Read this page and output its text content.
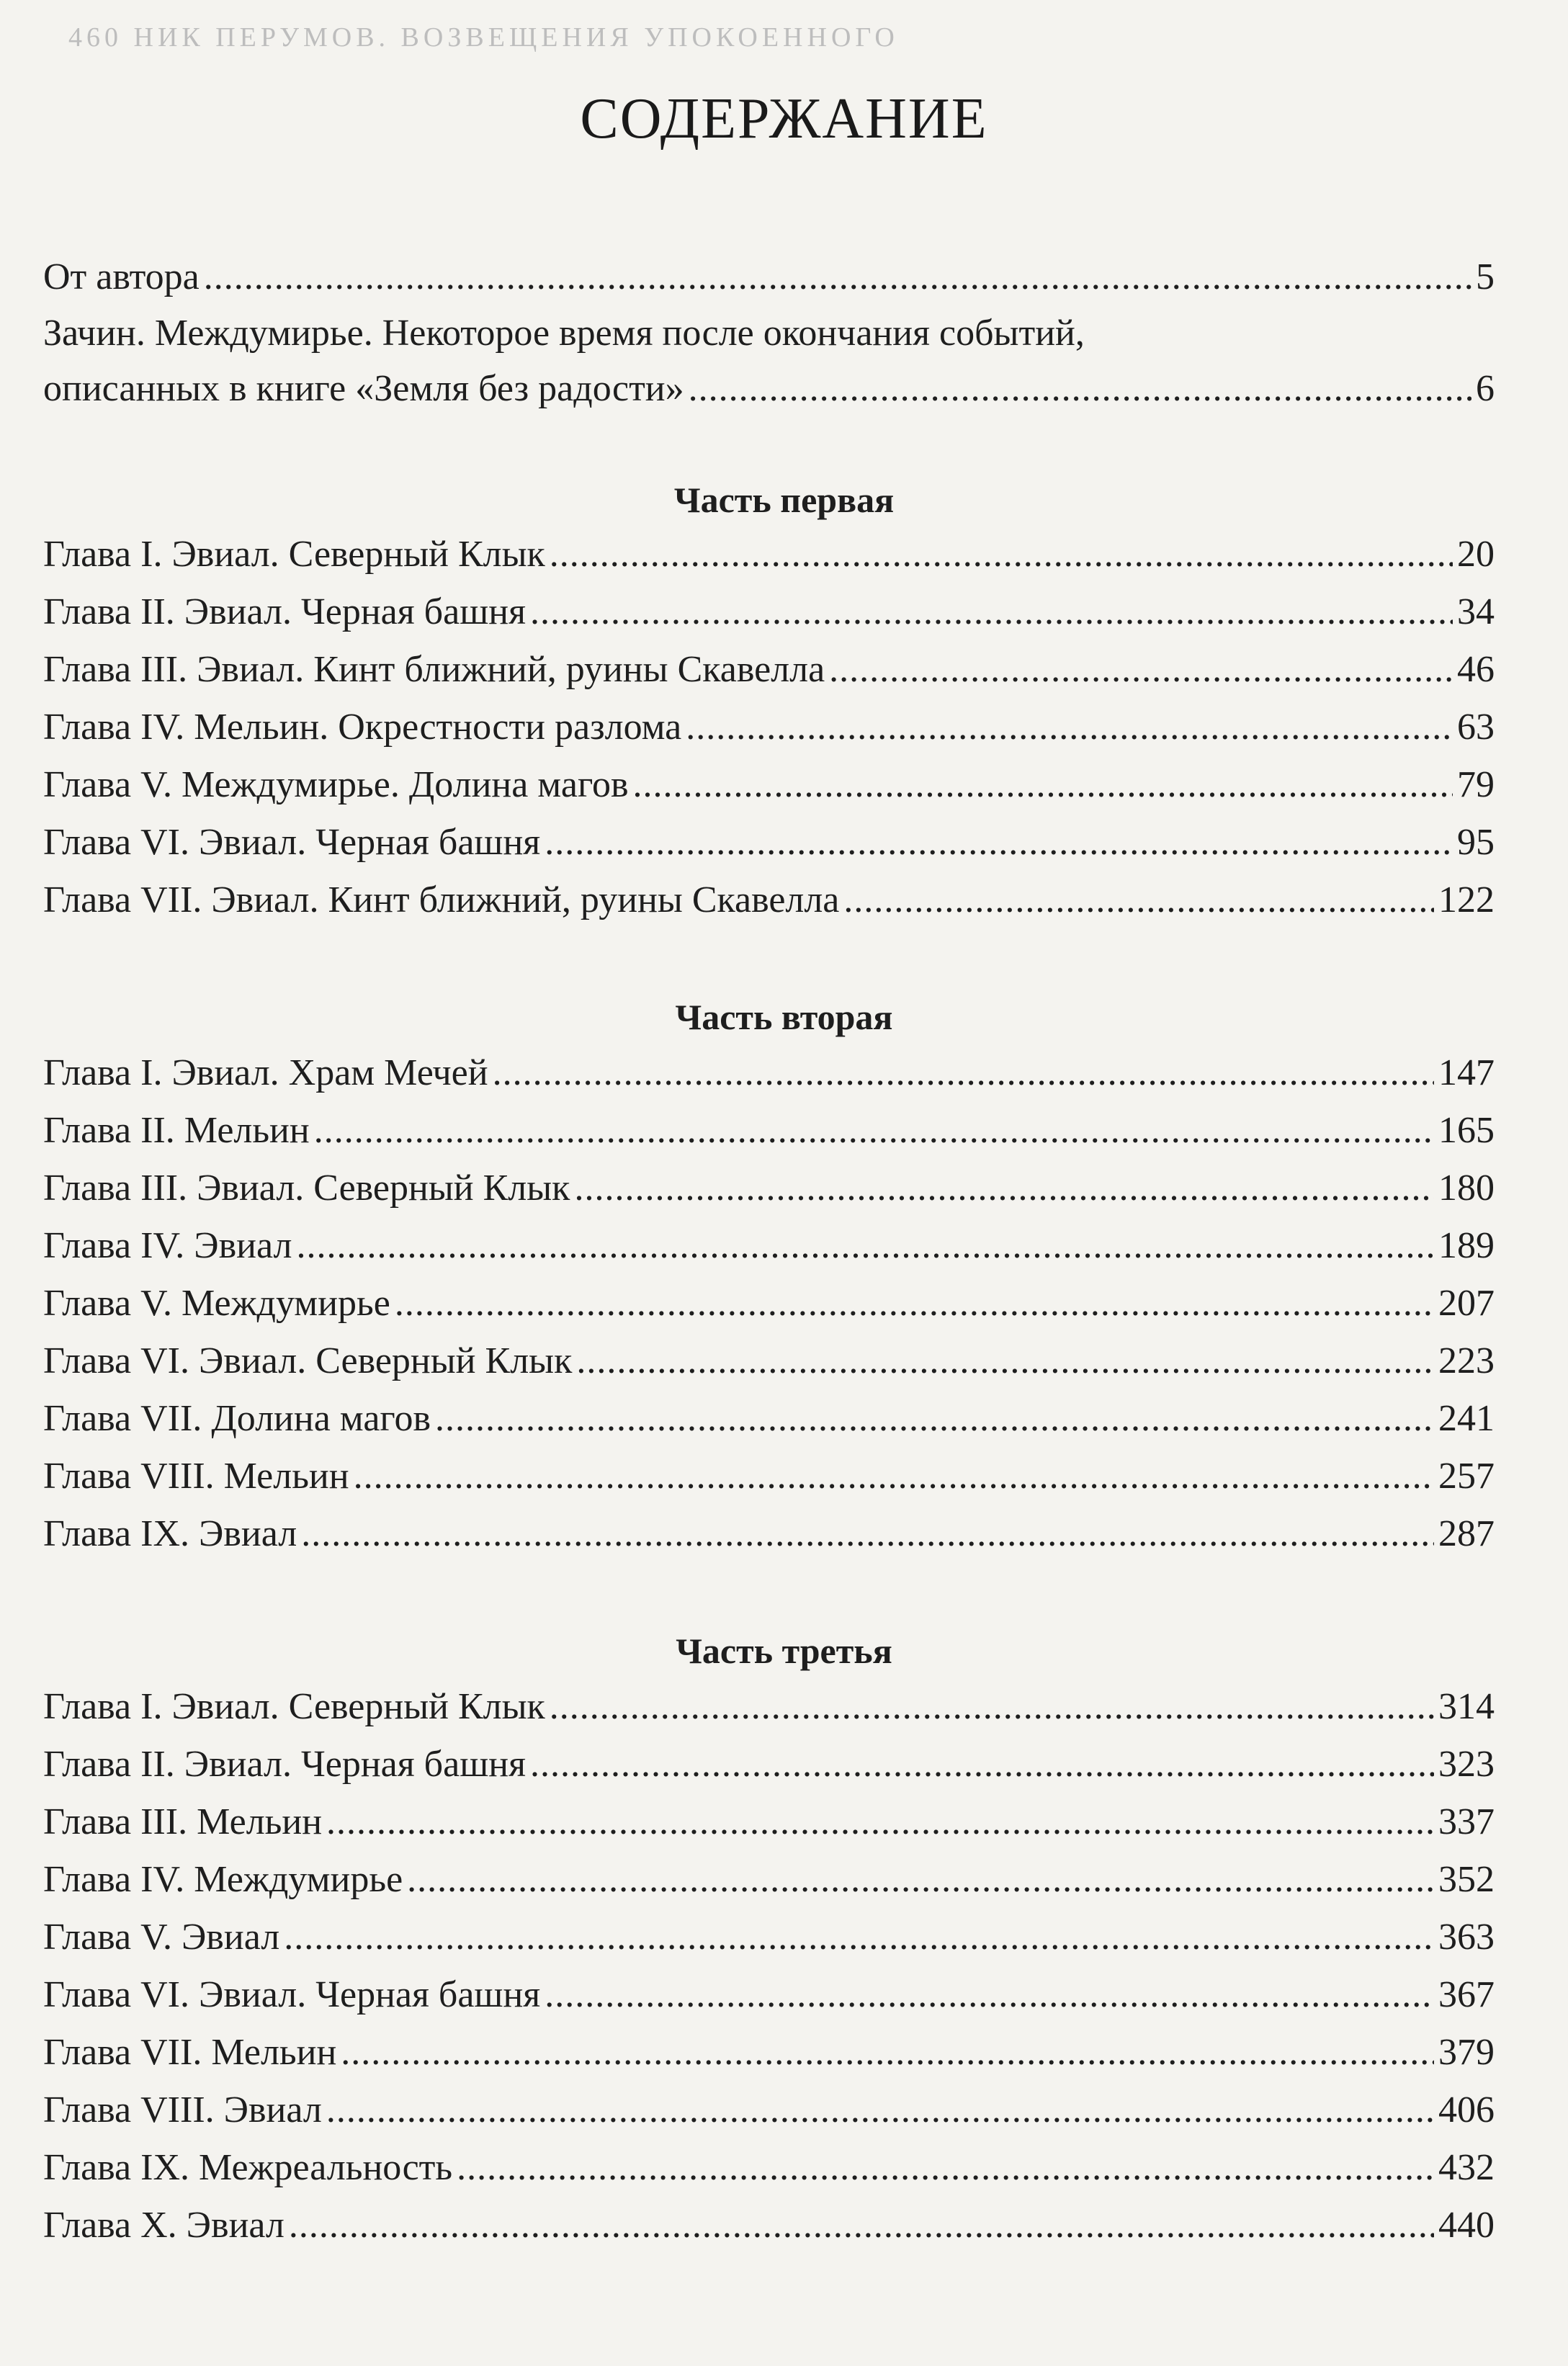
460 НИК ПЕРУМОВ. ВОЗВЕЩЕНИЯ УПОКОЕННОГО
СОДЕРЖАНИЕ
От автора . . .	5
Зачин. Междумирье. Некоторое время после окончания событий,
описанных в книге «Земля без радости» . . .	6
Часть первая
Глава I. Эвиал. Северный Клык . . .	20
Глава II. Эвиал. Черная башня . . .	34
Глава III. Эвиал. Кинт ближний, руины Скавелла . . .	46
Глава IV. Мельин. Окрестности разлома . . .	63
Глава V. Междумирье. Долина магов . . .	79
Глава VI. Эвиал. Черная башня . . .	95
Глава VII. Эвиал. Кинт ближний, руины Скавелла . . .	122
Часть вторая
Глава I. Эвиал. Храм Мечей . . .	147
Глава II. Мельин . . .	165
Глава III. Эвиал. Северный Клык . . .	180
Глава IV. Эвиал . . .	189
Глава V. Междумирье . . .	207
Глава VI. Эвиал. Северный Клык . . .	223
Глава VII. Долина магов . . .	241
Глава VIII. Мельин . . .	257
Глава IX. Эвиал . . .	287
Часть третья
Глава I. Эвиал. Северный Клык . . .	314
Глава II. Эвиал. Черная башня . . .	323
Глава III. Мельин . . .	337
Глава IV. Междумирье . . .	352
Глава V. Эвиал . . .	363
Глава VI. Эвиал. Черная башня . . .	367
Глава VII. Мельин . . .	379
Глава VIII. Эвиал . . .	406
Глава IX. Межреальность . . .	432
Глава X. Эвиал . . .	440
